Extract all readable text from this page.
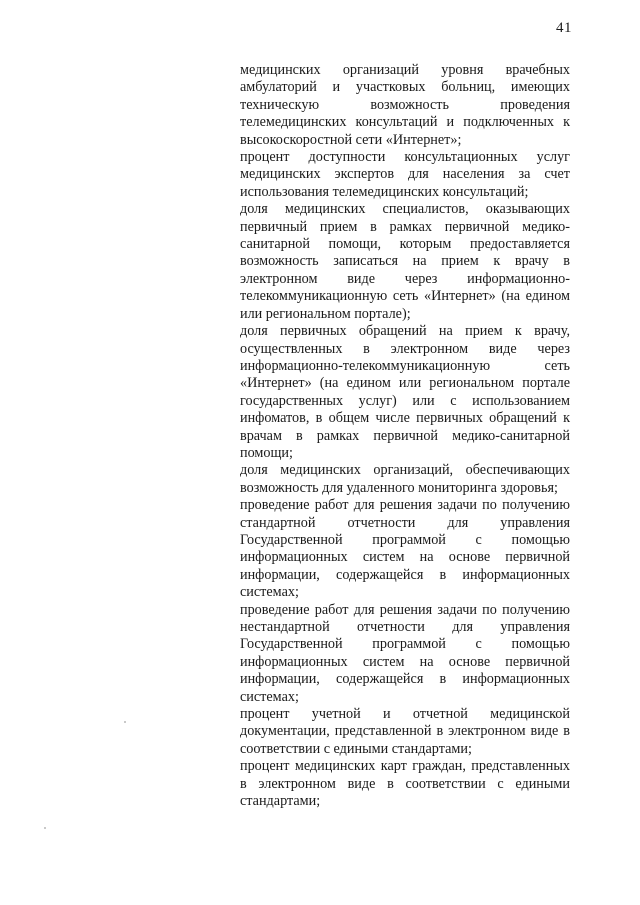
41

медицинских организаций уровня врачебных амбулаторий и участковых больниц, имеющих техническую возможность проведения телемедицинских консультаций и подключенных к высокоскоростной сети «Интернет»;

процент доступности консультационных услуг медицинских экспертов для населения за счет использования телемедицинских консультаций;

доля медицинских специалистов, оказывающих первичный прием в рамках первичной медико-санитарной помощи, которым предоставляется возможность записаться на прием к врачу в электронном виде через информационно-телекоммуникационную сеть «Интернет» (на едином или региональном портале);

доля первичных обращений на прием к врачу, осуществленных в электронном виде через информационно-телекоммуникационную сеть «Интернет» (на едином или региональном портале государственных услуг) или с использованием инфоматов, в общем числе первичных обращений к врачам в рамках первичной медико-санитарной помощи;

доля медицинских организаций, обеспечивающих возможность для удаленного мониторинга здоровья;

проведение работ для решения задачи по получению стандартной отчетности для управления Государственной программой с помощью информационных систем на основе первичной информации, содержащейся в информационных системах;

проведение работ для решения задачи по получению нестандартной отчетности для управления Государственной программой с помощью информационных систем на основе первичной информации, содержащейся в информационных системах;

процент учетной и отчетной медицинской документации, представленной в электронном виде в соответствии с едиными стандартами;

процент медицинских карт граждан, представленных в электронном виде в соответствии с едиными стандартами;
